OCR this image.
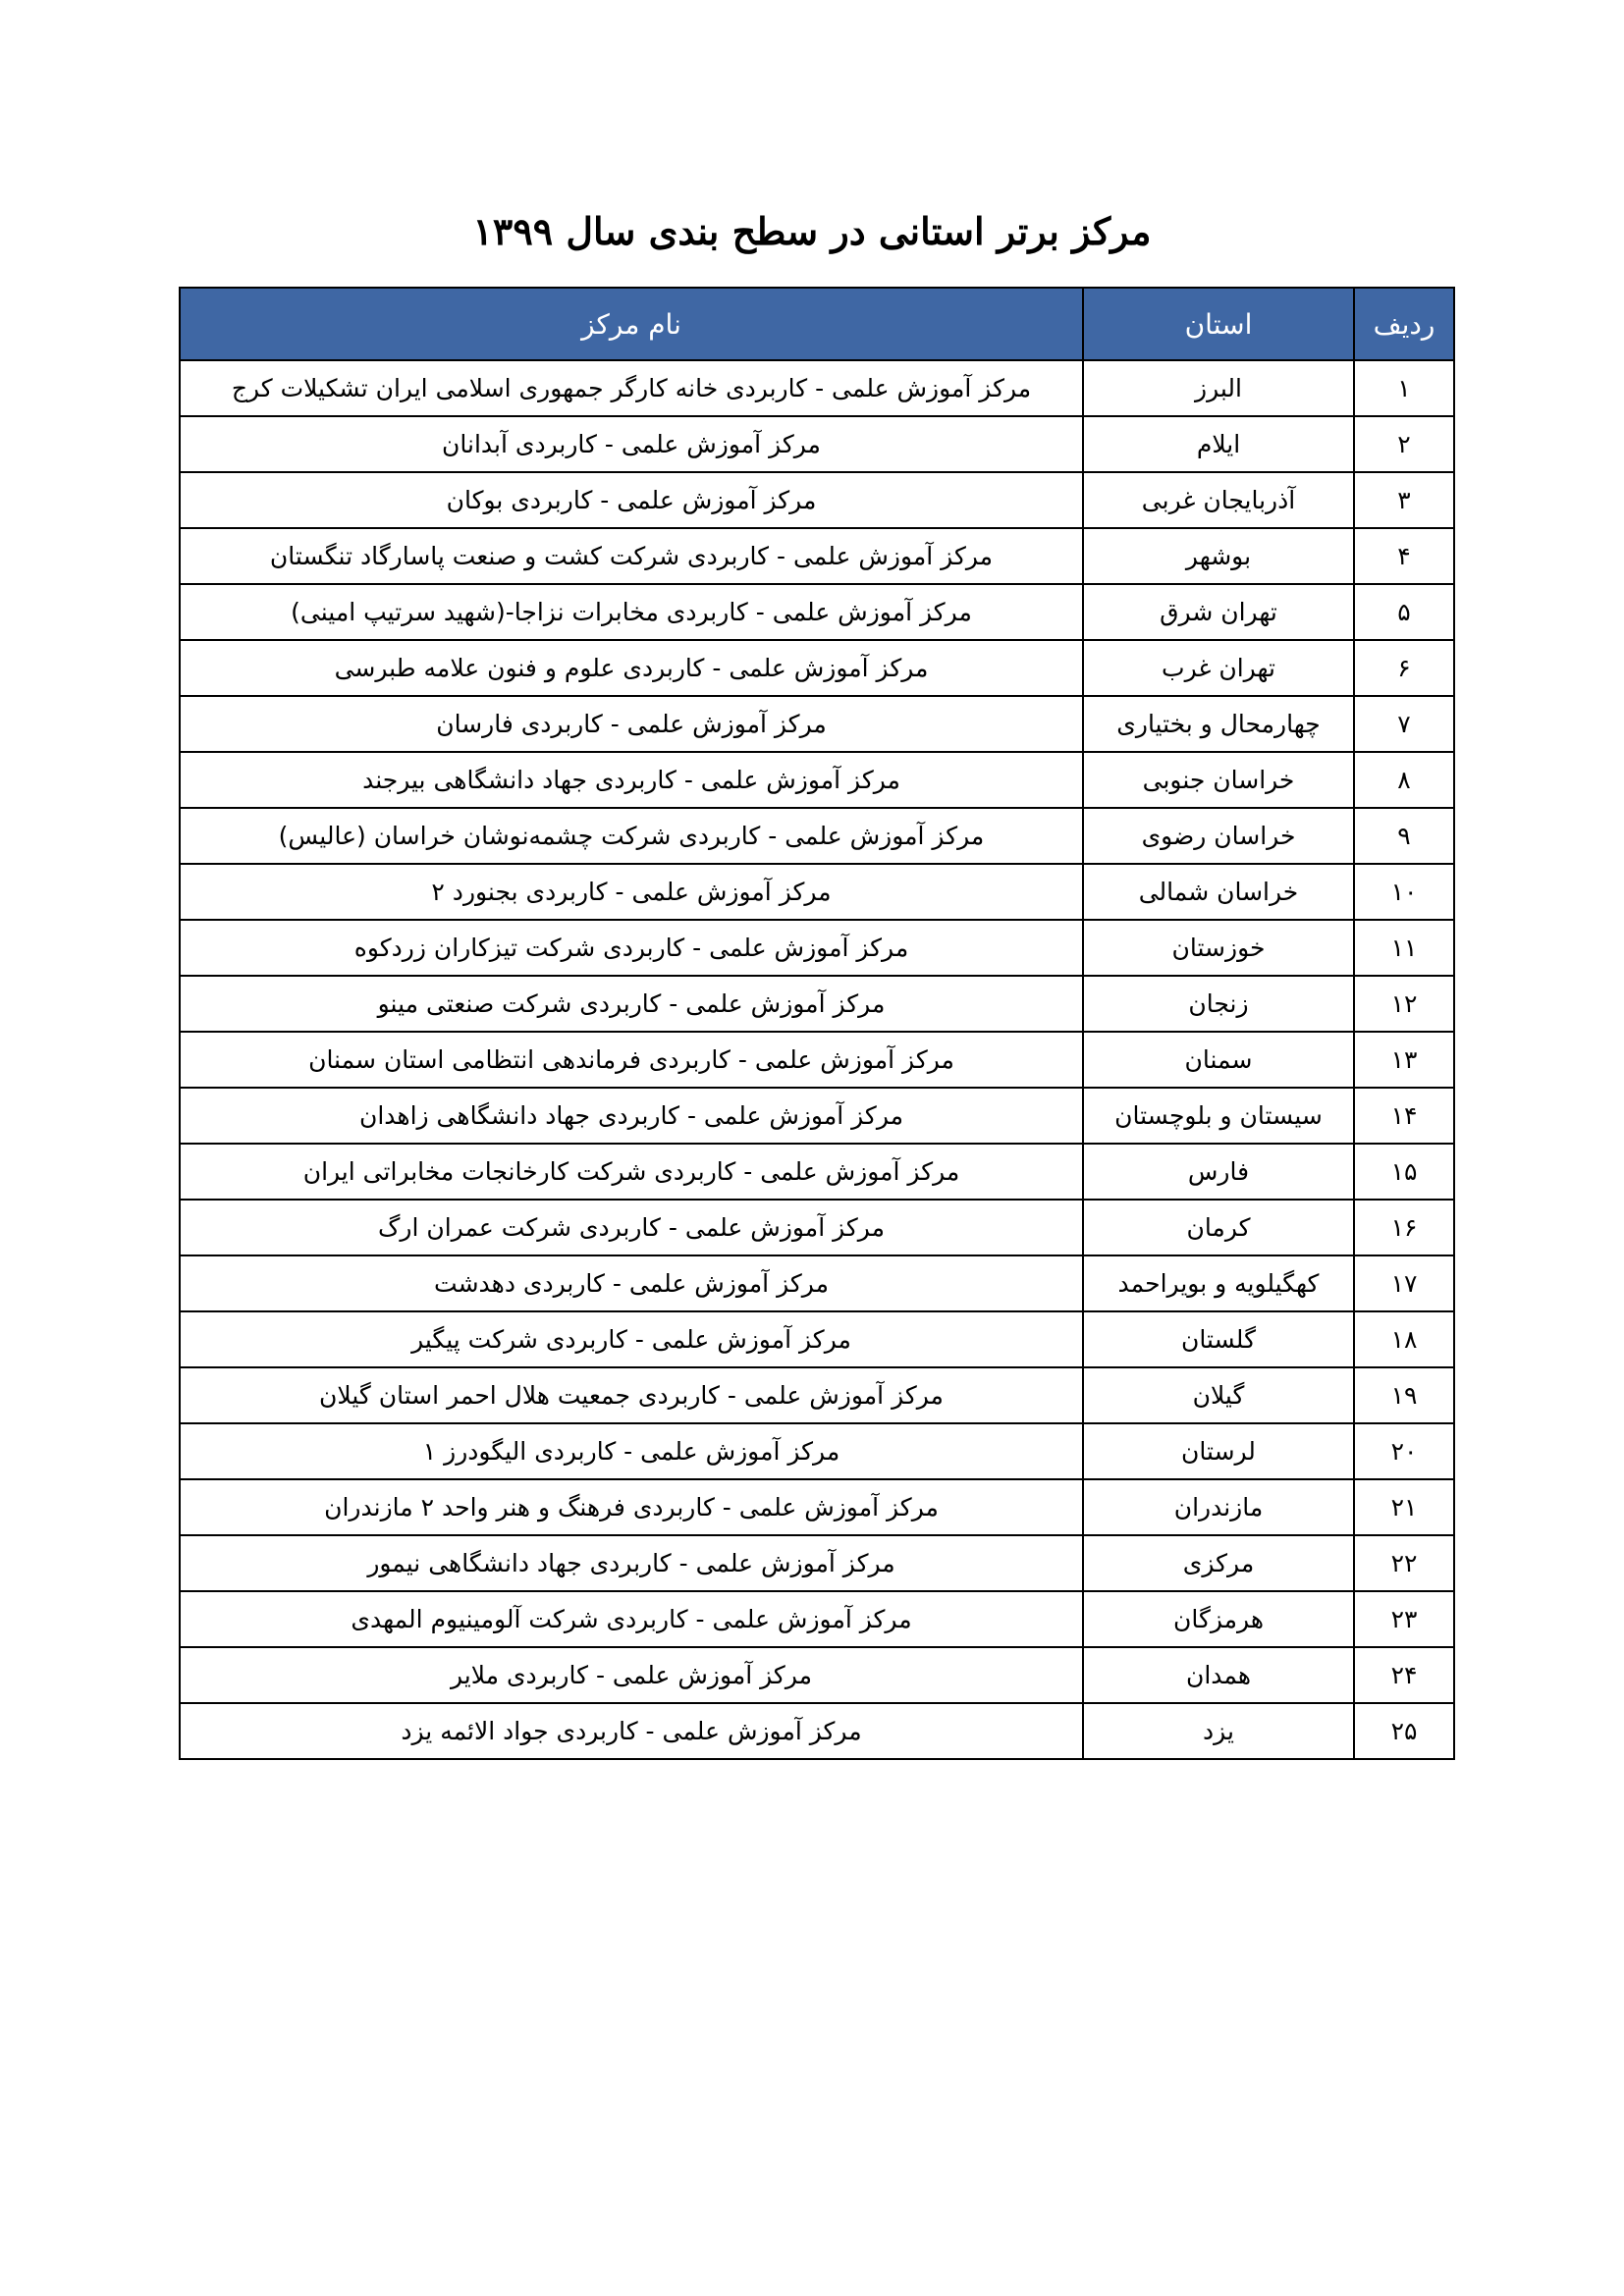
مرکز برتر استانی در سطح بندی سال ۱۳۹۹
ردیف	استان	نام مرکز
۱	البرز	مرکز آموزش علمی - کاربردی خانه کارگر جمهوری اسلامی ایران تشکیلات کرج
۲	ایلام	مرکز آموزش علمی - کاربردی آبدانان
۳	آذربایجان غربی	مرکز آموزش علمی - کاربردی بوکان
۴	بوشهر	مرکز آموزش علمی - کاربردی شرکت کشت و صنعت پاسارگاد تنگستان
۵	تهران شرق	مرکز آموزش علمی - کاربردی مخابرات نزاجا-(شهید سرتیپ امینی)
۶	تهران غرب	مرکز آموزش علمی - کاربردی علوم و فنون علامه طبرسی
۷	چهارمحال و بختیاری	مرکز آموزش علمی - کاربردی فارسان
۸	خراسان جنوبی	مرکز آموزش علمی - کاربردی جهاد دانشگاهی بیرجند
۹	خراسان رضوی	مرکز آموزش علمی - کاربردی شرکت چشمه‌نوشان خراسان (عالیس)
۱۰	خراسان شمالی	مرکز آموزش علمی - کاربردی بجنورد ۲
۱۱	خوزستان	مرکز آموزش علمی - کاربردی شرکت تیزکاران زردکوه
۱۲	زنجان	مرکز آموزش علمی - کاربردی شرکت صنعتی مینو
۱۳	سمنان	مرکز آموزش علمی - کاربردی فرماندهی انتظامی استان سمنان
۱۴	سیستان و بلوچستان	مرکز آموزش علمی - کاربردی جهاد دانشگاهی زاهدان
۱۵	فارس	مرکز آموزش علمی - کاربردی شرکت کارخانجات مخابراتی ایران
۱۶	کرمان	مرکز آموزش علمی - کاربردی شرکت عمران ارگ
۱۷	کهگیلویه و بویراحمد	مرکز آموزش علمی - کاربردی دهدشت
۱۸	گلستان	مرکز آموزش علمی - کاربردی شرکت پیگیر
۱۹	گیلان	مرکز آموزش علمی - کاربردی جمعیت هلال احمر استان گیلان
۲۰	لرستان	مرکز آموزش علمی - کاربردی الیگودرز ۱
۲۱	مازندران	مرکز آموزش علمی - کاربردی فرهنگ و هنر واحد ۲ مازندران
۲۲	مرکزی	مرکز آموزش علمی - کاربردی جهاد دانشگاهی نیمور
۲۳	هرمزگان	مرکز آموزش علمی - کاربردی شرکت آلومینیوم المهدی
۲۴	همدان	مرکز آموزش علمی - کاربردی ملایر
۲۵	یزد	مرکز آموزش علمی - کاربردی جواد الائمه یزد
